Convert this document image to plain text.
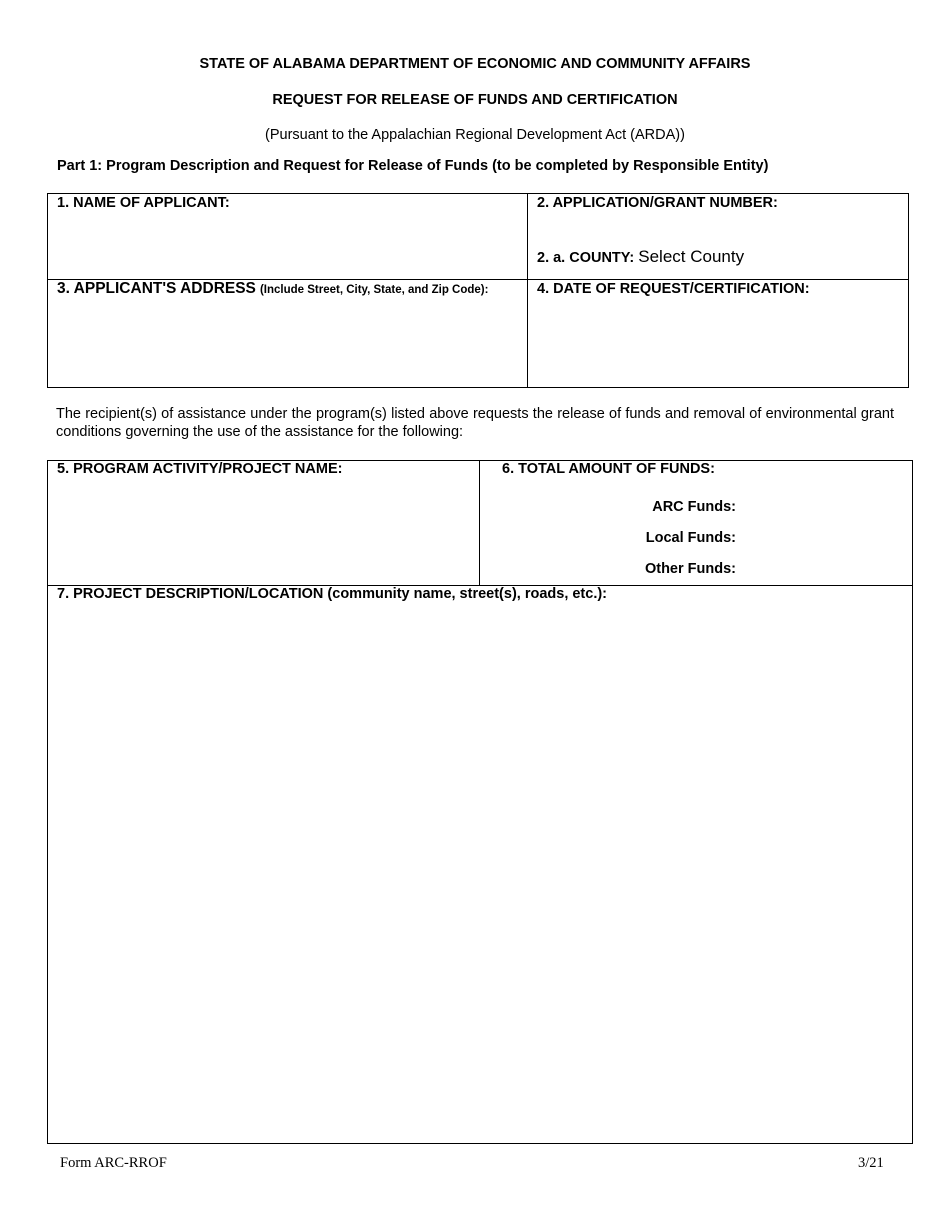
STATE OF ALABAMA DEPARTMENT OF ECONOMIC AND COMMUNITY AFFAIRS
REQUEST FOR RELEASE OF FUNDS AND CERTIFICATION
(Pursuant to the Appalachian Regional Development Act (ARDA))
Part 1: Program Description and Request for Release of Funds (to be completed by Responsible Entity)
1. NAME OF APPLICANT:	2. APPLICATION/GRANT NUMBER:
2. a. COUNTY: Select County
3. APPLICANT'S ADDRESS (Include Street, City, State, and Zip Code):	4. DATE OF REQUEST/CERTIFICATION:
The recipient(s) of assistance under the program(s) listed above requests the release of funds and removal of environmental grant conditions governing the use of the assistance for the following:
5. PROGRAM ACTIVITY/PROJECT NAME:	6. TOTAL AMOUNT OF FUNDS:
ARC Funds:
Local Funds:
Other Funds:
7. PROJECT DESCRIPTION/LOCATION (community name, street(s), roads, etc.):
Form ARC-RROF	3/21
